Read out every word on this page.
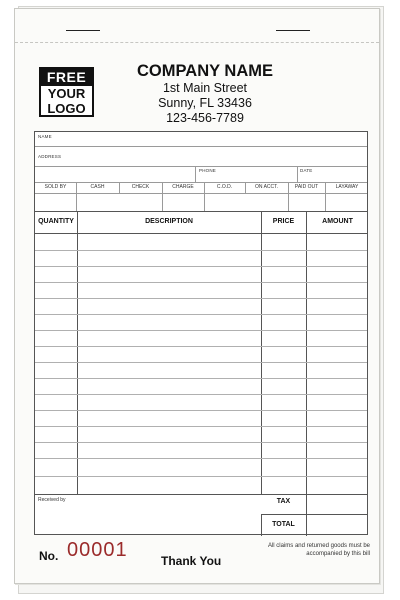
FREE
YOUR
LOGO
COMPANY NAME
1st Main Street
Sunny, FL 33436
123-456-7789
NAME
ADDRESS
PHONE	DATE
SOLD BY	CASH	CHECK	CHARGE	C.O.D.	ON ACCT.	PAID OUT	LAYAWAY
QUANTITY	DESCRIPTION	PRICE	AMOUNT
Received by	TAX
TOTAL
No. 00001	Thank You
All claims and returned goods must be accompanied by this bill
